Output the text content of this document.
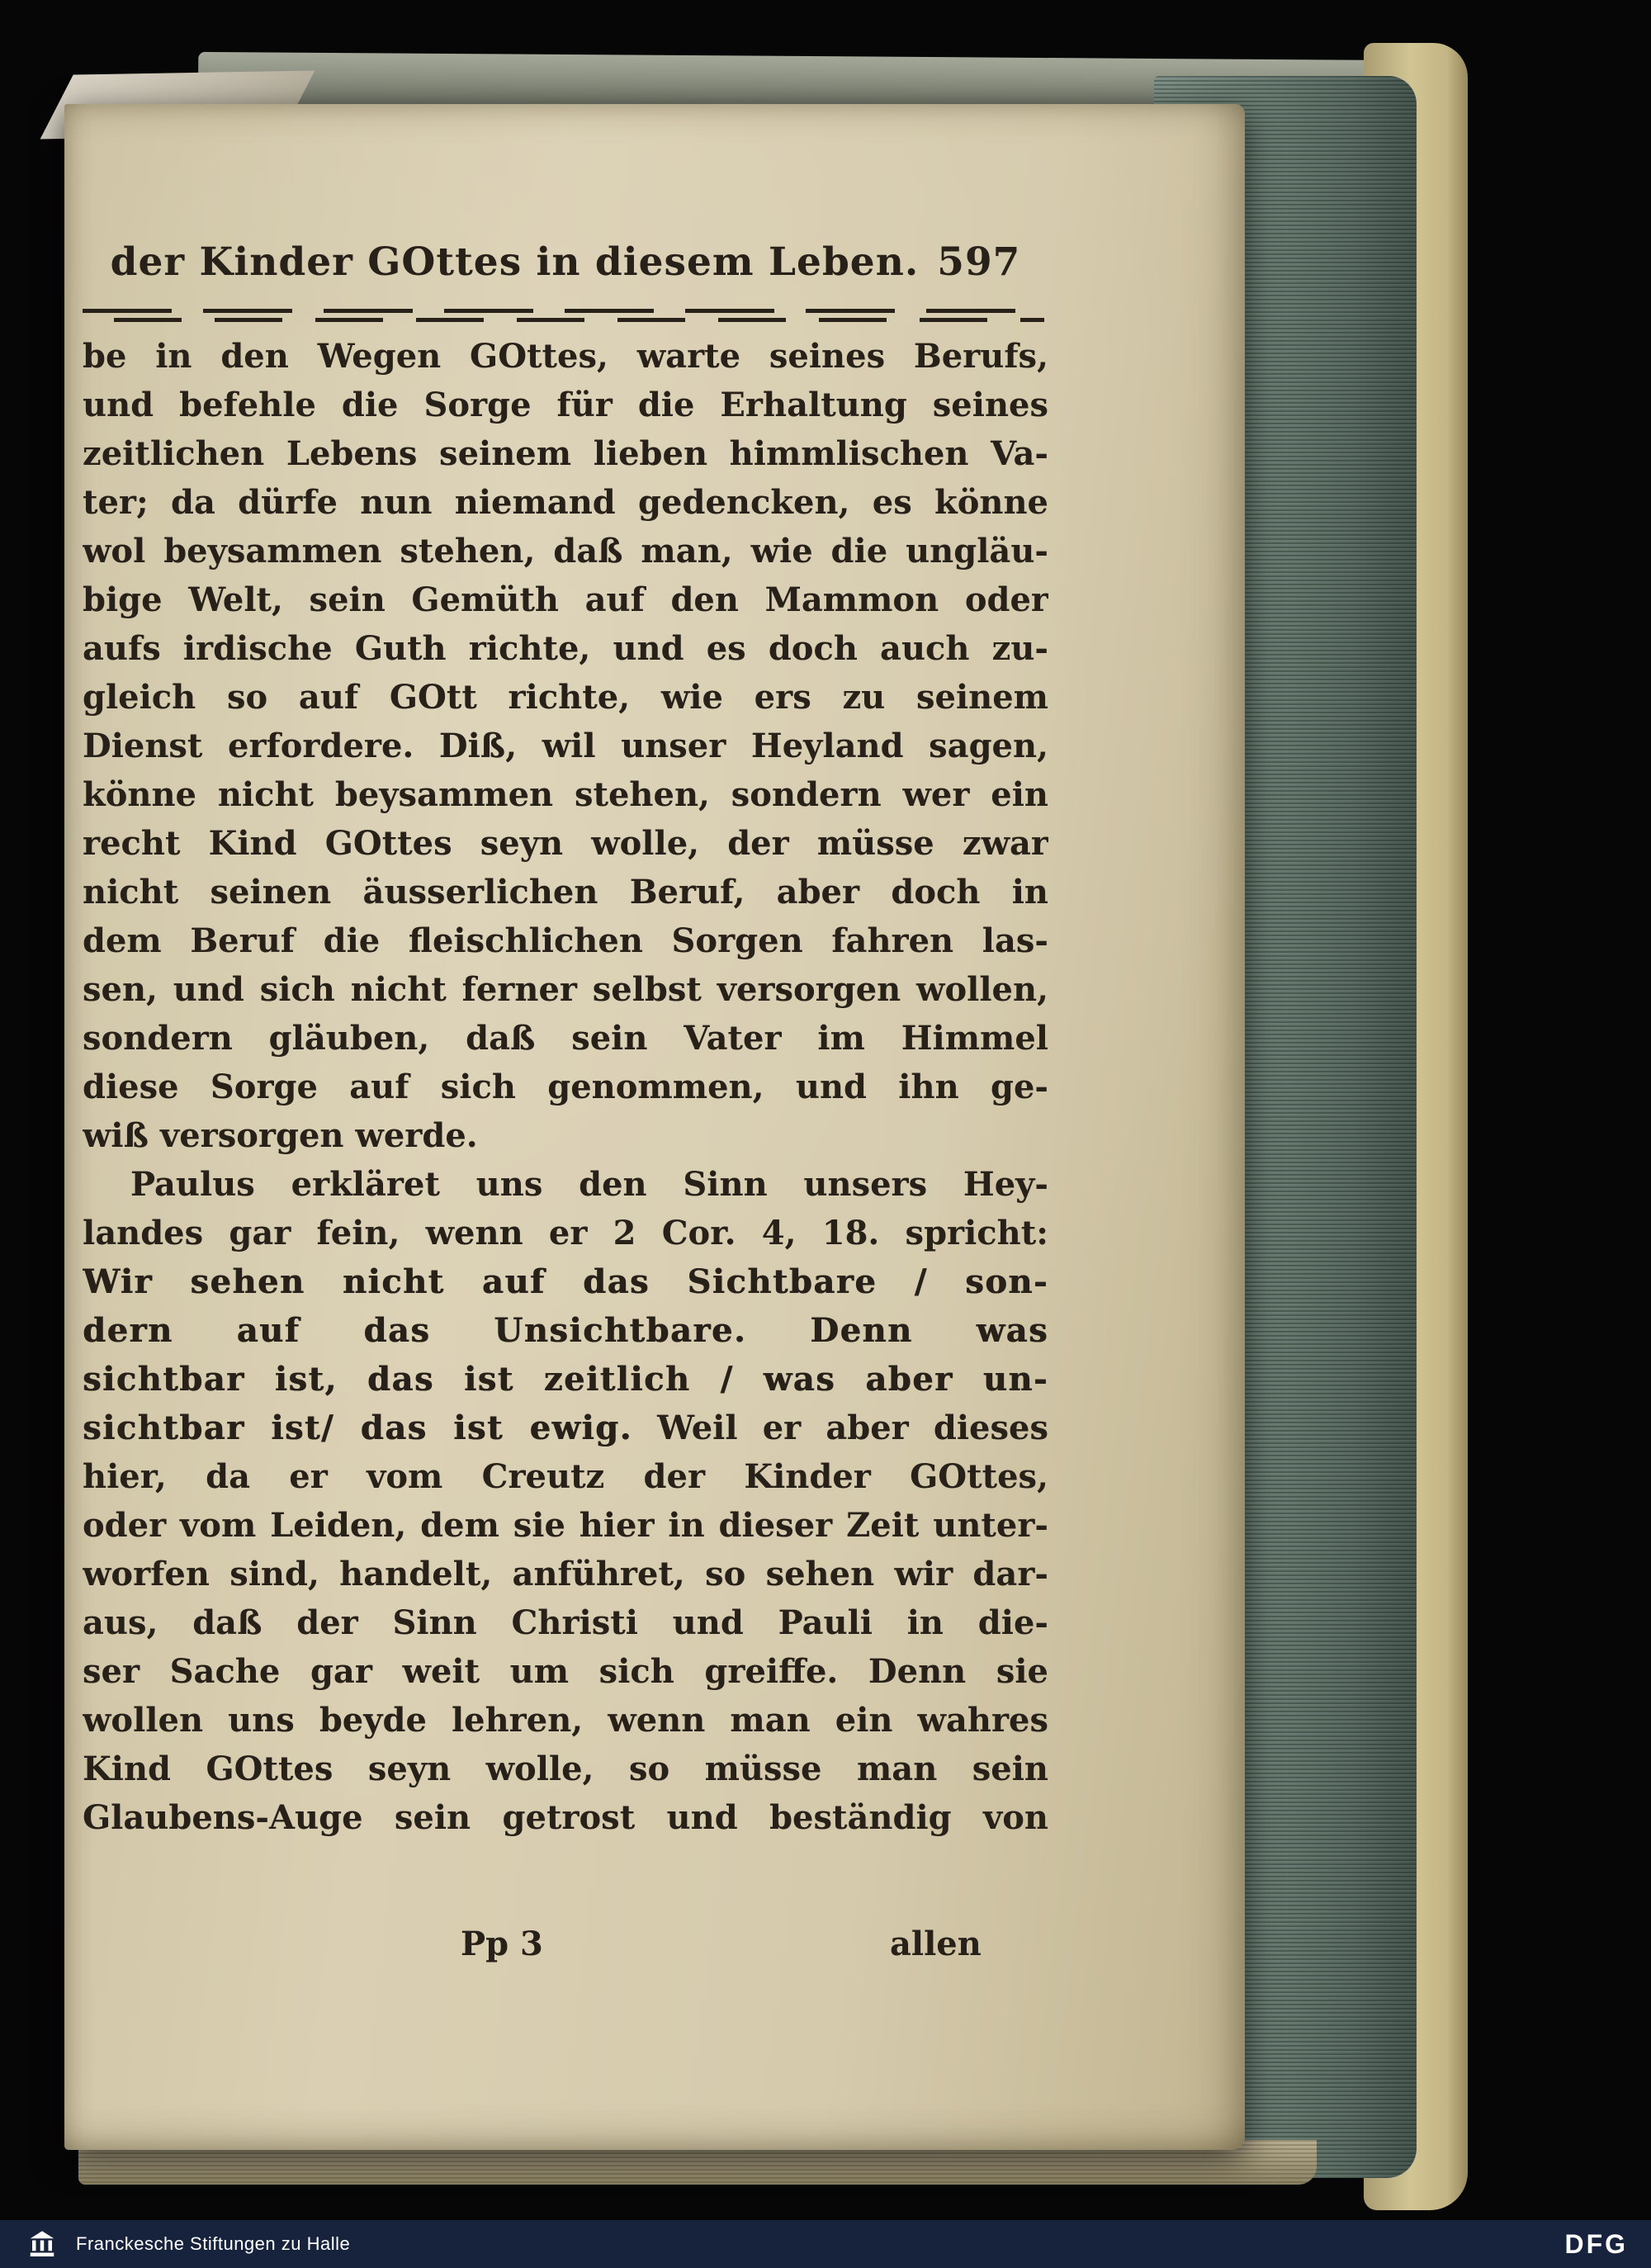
der Kinder GOttes in diesem Leben. 597
be in den Wegen GOttes, warte seines Berufs,
und befehle die Sorge für die Erhaltung seines
zeitlichen Lebens seinem lieben himmlischen Va-
ter; da dürfe nun niemand gedencken, es könne
wol beysammen stehen, daß man, wie die ungläu-
bige Welt, sein Gemüth auf den Mammon oder
aufs irdische Guth richte, und es doch auch zu-
gleich so auf GOtt richte, wie ers zu seinem
Dienst erfordere. Diß, wil unser Heyland sagen,
könne nicht beysammen stehen, sondern wer ein
recht Kind GOttes seyn wolle, der müsse zwar
nicht seinen äusserlichen Beruf, aber doch in
dem Beruf die fleischlichen Sorgen fahren las-
sen, und sich nicht ferner selbst versorgen wollen,
sondern gläuben, daß sein Vater im Himmel
diese Sorge auf sich genommen, und ihn ge-
wiß versorgen werde.
Paulus erkläret uns den Sinn unsers Hey-
landes gar fein, wenn er 2 Cor. 4, 18. spricht:
Wir sehen nicht auf das Sichtbare / son-
dern auf das Unsichtbare. Denn was
sichtbar ist, das ist zeitlich / was aber un-
sichtbar ist/ das ist ewig. Weil er aber dieses
hier, da er vom Creutz der Kinder GOttes,
oder vom Leiden, dem sie hier in dieser Zeit unter-
worfen sind, handelt, anführet, so sehen wir dar-
aus, daß der Sinn Christi und Pauli in die-
ser Sache gar weit um sich greiffe. Denn sie
wollen uns beyde lehren, wenn man ein wahres
Kind GOttes seyn wolle, so müsse man sein
Glaubens-Auge sein getrost und beständig von
Pp 3	allen
Franckesche Stiftungen zu Halle	DFG
